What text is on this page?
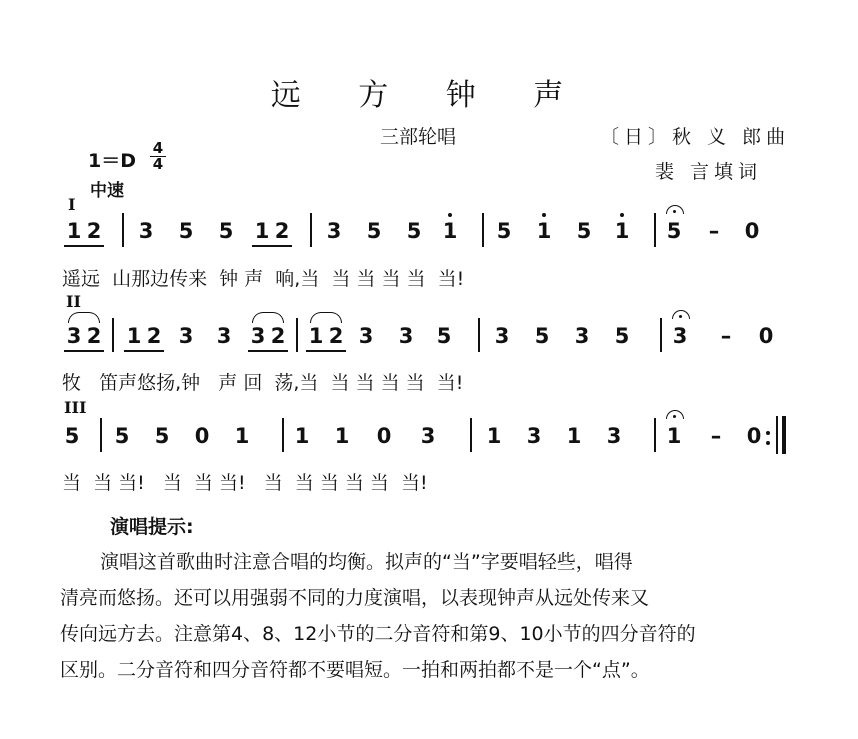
远 方 钟 声
三部轮唱	〔日〕秋 义 郎曲
裴 言填词
1＝D
4
4
中速
I
1 2 3 5 5 1 2 3 5 5 1 5 1 5 1 5 – 0
遥远  山那边传来  钟 声  响,当  当 当 当 当  当!
II
3 2 1 2 3 3 3 2 1 2 3 3 5 3 5 3 5 3 – 0
牧   笛声悠扬,钟   声 回  荡,当  当 当 当 当  当!
III
5 5 5 0 1 1 1 0 3 1 3 1 3 1 – 0
当  当 当!   当  当 当!   当  当 当 当 当  当!
演唱提示:

演唱这首歌曲时注意合唱的均衡。拟声的“当”字要唱轻些，唱得

清亮而悠扬。还可以用强弱不同的力度演唱，以表现钟声从远处传来又

传向远方去。注意第4、8、12小节的二分音符和第9、10小节的四分音符的

区别。二分音符和四分音符都不要唱短。一拍和两拍都不是一个“点”。
